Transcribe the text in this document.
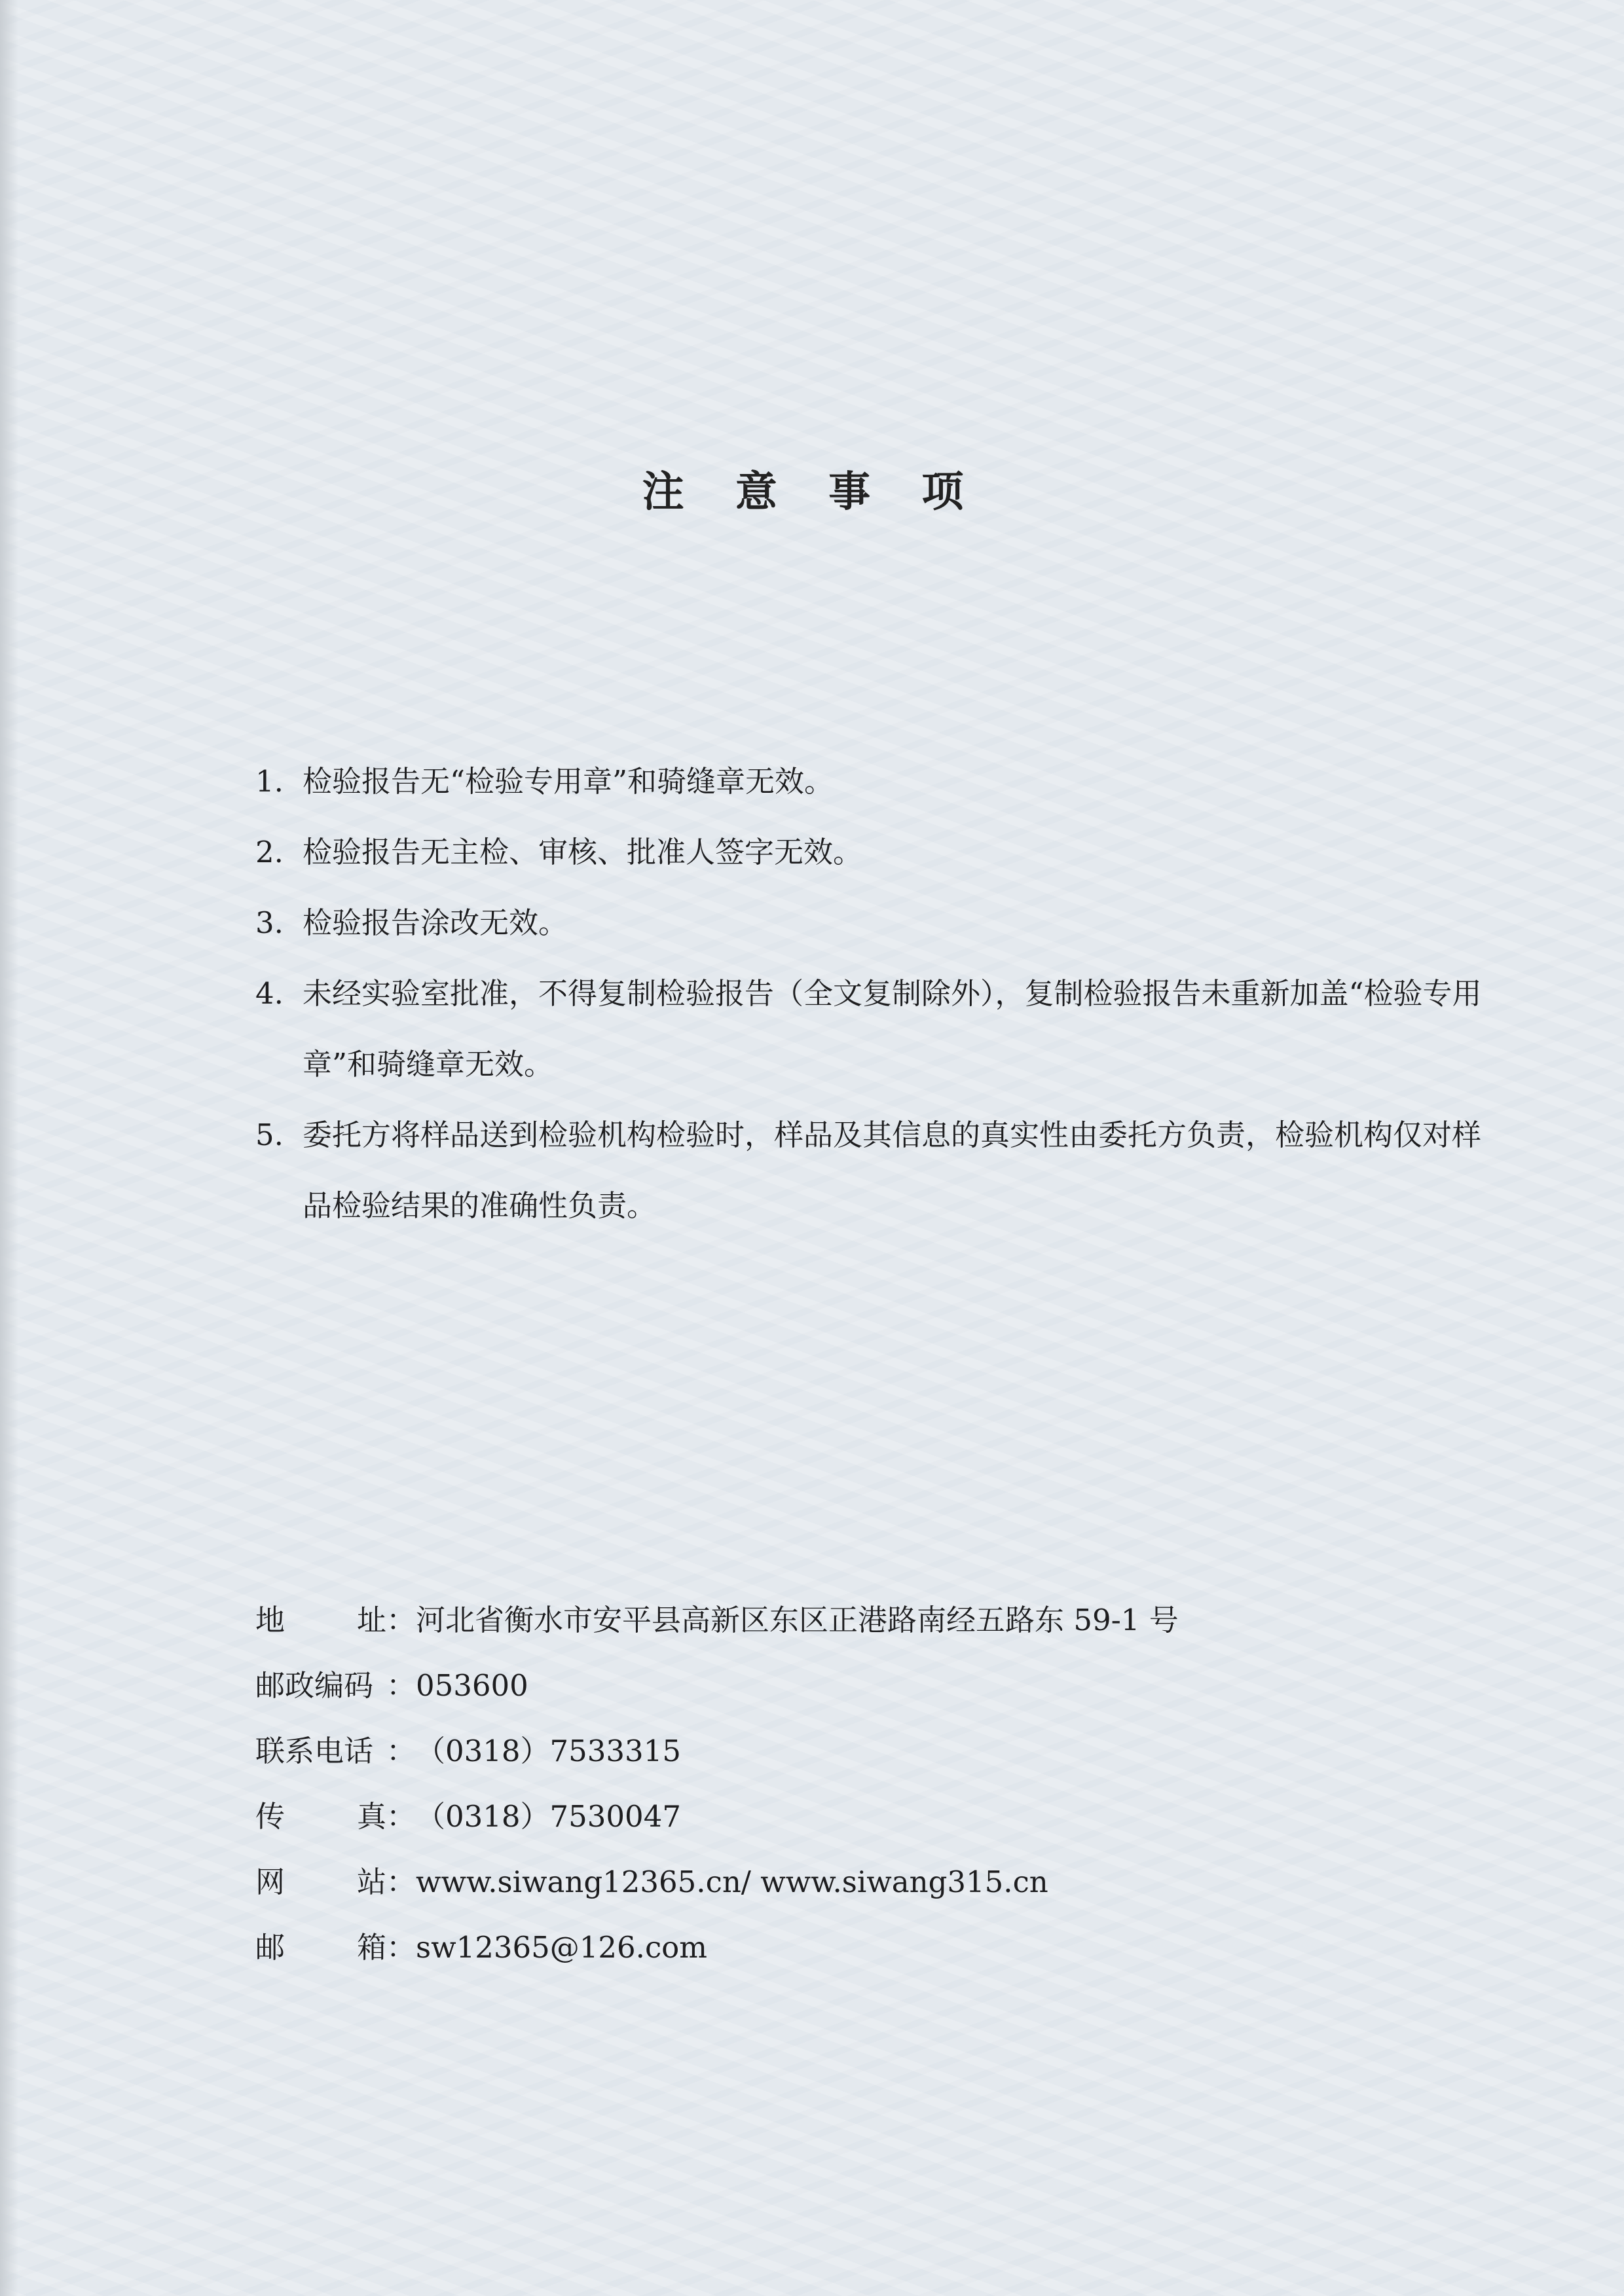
注 意 事 项
1. 检验报告无“检验专用章”和骑缝章无效。
2. 检验报告无主检、审核、批准人签字无效。
3. 检验报告涂改无效。
4. 未经实验室批准，不得复制检验报告（全文复制除外），复制检验报告未重新加盖“检验专用章”和骑缝章无效。
5. 委托方将样品送到检验机构检验时，样品及其信息的真实性由委托方负责，检验机构仅对样品检验结果的准确性负责。
地 址 ： 河北省衡水市安平县高新区东区正港路南经五路东 59-1 号
邮政编码 ： 053600
联系电话 ： （0318）7533315
传 真 ： （0318）7530047
网 站 ： www.siwang12365.cn/ www.siwang315.cn
邮 箱 ： sw12365@126.com
